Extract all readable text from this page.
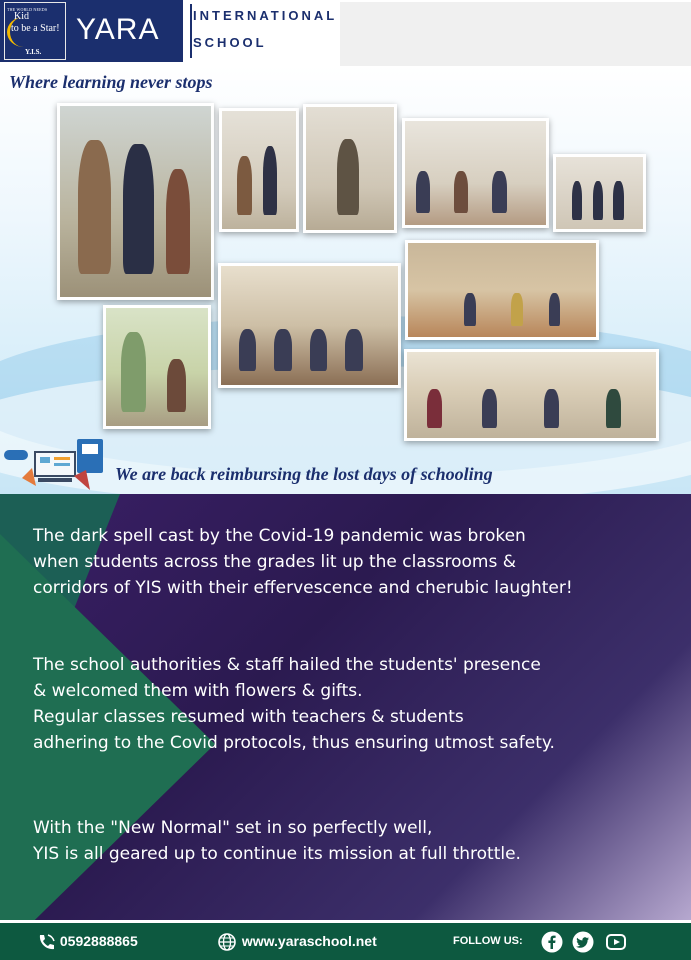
THE WORLD NEEDS
Kid
to be a Star!
Y.I.S.
YARA	INTERNATIONAL
SCHOOL
Where learning never stops
We are back reimbursing the lost days of schooling
The dark spell cast by the Covid-19 pandemic was broken
when students across the grades lit up the classrooms &
corridors of YIS with their effervescence and cherubic laughter!
The school authorities & staff hailed the students' presence
& welcomed them with flowers & gifts.
Regular classes resumed with teachers & students
adhering to the Covid protocols, thus ensuring utmost safety.
With the "New Normal" set in so perfectly well,
YIS is all geared up to continue its mission at full throttle.
0592888865	www.yaraschool.net	FOLLOW US:
